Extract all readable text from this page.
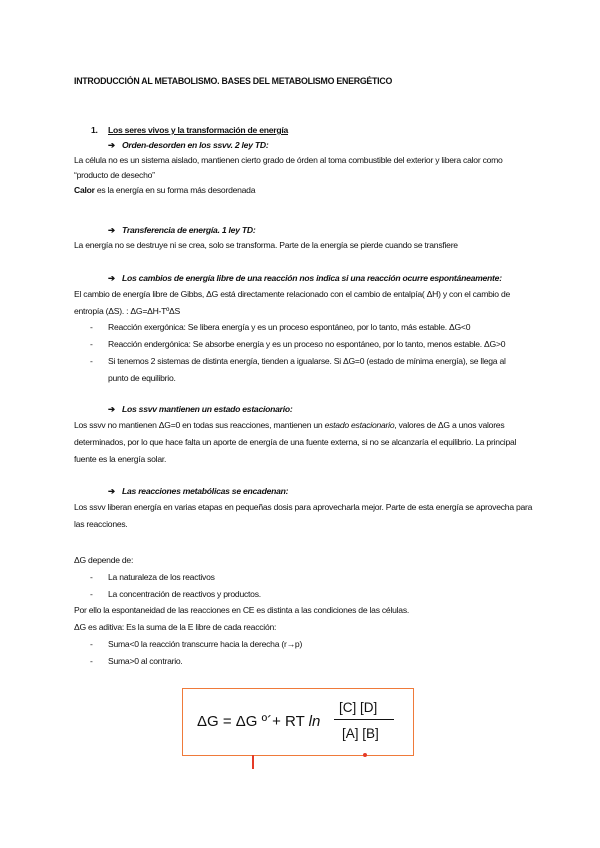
INTRODUCCIÓN AL METABOLISMO. BASES DEL METABOLISMO ENERGÉTICO
1. Los seres vivos y la transformación de energía
➔ Orden-desorden en los ssvv. 2 ley TD:
La célula no es un sistema aislado, mantienen cierto grado de órden al toma combustible del exterior y libera calor como
“producto de desecho”
Calor es la energía en su forma más desordenada
➔ Transferencia de energía. 1 ley TD:
La energía no se destruye ni se crea, solo se transforma. Parte de la energía se pierde cuando se transfiere
➔ Los cambios de energía libre de una reacción nos indica si una reacción ocurre espontáneamente:
El cambio de energía libre de Gibbs, ΔG está directamente relacionado con el cambio de entalpía( ΔH) y con el cambio de
entropía (ΔS). : ΔG=ΔH-TºΔS
- Reacción exergónica: Se libera energía y es un proceso espontáneo, por lo tanto, más estable. ΔG<0
- Reacción endergónica: Se absorbe energía y es un proceso no espontáneo, por lo tanto, menos estable. ΔG>0
- Si tenemos 2 sistemas de distinta energía, tienden a igualarse. Si ΔG=0 (estado de mínima energía), se llega al
punto de equilibrio.
➔ Los ssvv mantienen un estado estacionario:
Los ssvv no mantienen ΔG=0 en todas sus reacciones, mantienen un estado estacionario, valores de ΔG a unos valores
determinados, por lo que hace falta un aporte de energía de una fuente externa, si no se alcanzaría el equilibrio. La principal
fuente es la energía solar.
➔ Las reacciones metabólicas se encadenan:
Los ssvv liberan energía en varias etapas en pequeñas dosis para aprovecharla mejor. Parte de esta energía se aprovecha para
las reacciones.
ΔG depende de:
- La naturaleza de los reactivos
- La concentración de reactivos y productos.
Por ello la espontaneidad de las reacciones en CE es distinta a las condiciones de las células.
ΔG es aditiva: Es la suma de la E libre de cada reacción:
- Suma<0 la reacción transcurre hacia la derecha (r→p)
- Suma>0 al contrario.
ΔG = ΔG º´+ RT ln
[C] [D]
[A] [B]
